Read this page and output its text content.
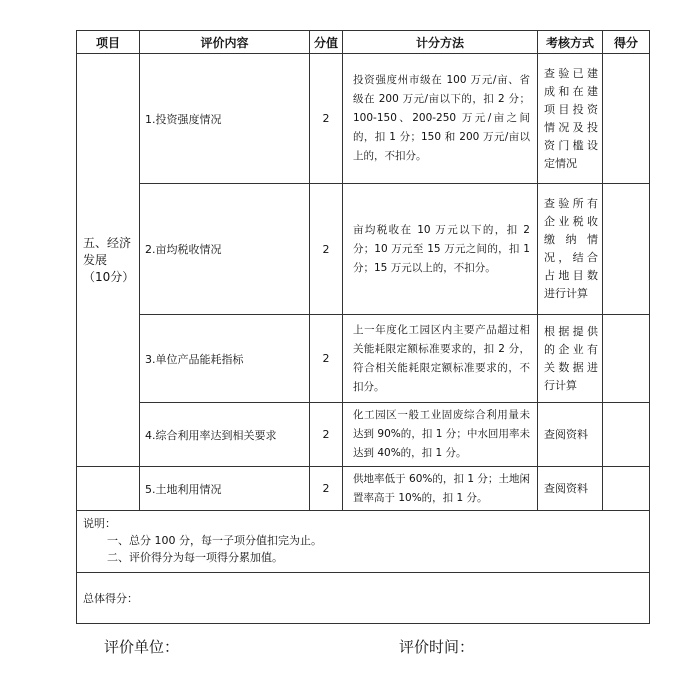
项目	评价内容	分值	计分方法	考核方式	得分
五、经济发展（10分）	1.投资强度情况	2	投资强度州市级在 100 万元/亩、省级在 200 万元/亩以下的，扣 2 分；100-150、200-250 万元/亩之间的，扣 1 分；150 和 200 万元/亩以上的，不扣分。	查验已建成和在建项目投资情况及投资门槛设定情况	
	2.亩均税收情况	2	亩均税收在 10 万元以下的，扣 2 分；10 万元至 15 万元之间的，扣 1 分；15 万元以上的，不扣分。	查验所有企业税收缴纳情况，结合占地目数进行计算	
	3.单位产品能耗指标	2	上一年度化工园区内主要产品超过相关能耗限定额标准要求的，扣 2 分，符合相关能耗限定额标准要求的，不扣分。	根据提供的企业有关数据进行计算	
	4.综合利用率达到相关要求	2	化工园区一般工业固废综合利用量未达到 90%的，扣 1 分；中水回用率未达到 40%的，扣 1 分。	查阅资料	
	5.土地利用情况	2	供地率低于 60%的，扣 1 分；土地闲置率高于 10%的，扣 1 分。	查阅资料	

说明：
一、总分 100 分，每一子项分值扣完为止。
二、评价得分为每一项得分累加值。					

总体得分：					
评价单位：	评价时间：
